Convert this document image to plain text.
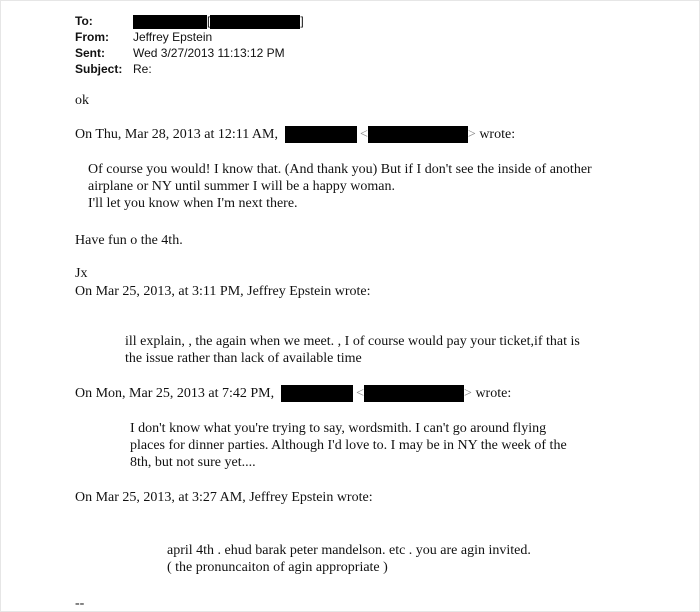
To:	[	]
From: Jeffrey Epstein
Sent: Wed 3/27/2013 11:13:12 PM
Subject: Re:
ok
On Thu, Mar 28, 2013 at 12:11 AM,	<	> wrote:
Of course you would! I know that. (And thank you) But if I don't see the inside of another
airplane or NY until summer I will be a happy woman.
I'll let you know when I'm next there.
Have fun o the 4th.
Jx
On Mar 25, 2013, at 3:11 PM, Jeffrey Epstein wrote:
ill explain, , the again when we meet. , I of course would pay your ticket,if that is
the issue rather than lack of available time
On Mon, Mar 25, 2013 at 7:42 PM,	<	> wrote:
I don't know what you're trying to say, wordsmith. I can't go around flying
places for dinner parties. Although I'd love to. I may be in NY the week of the
8th, but not sure yet....
On Mar 25, 2013, at 3:27 AM, Jeffrey Epstein wrote:
april 4th . ehud barak peter mandelson. etc . you are agin invited.
( the pronuncaiton of agin appropriate )
--
